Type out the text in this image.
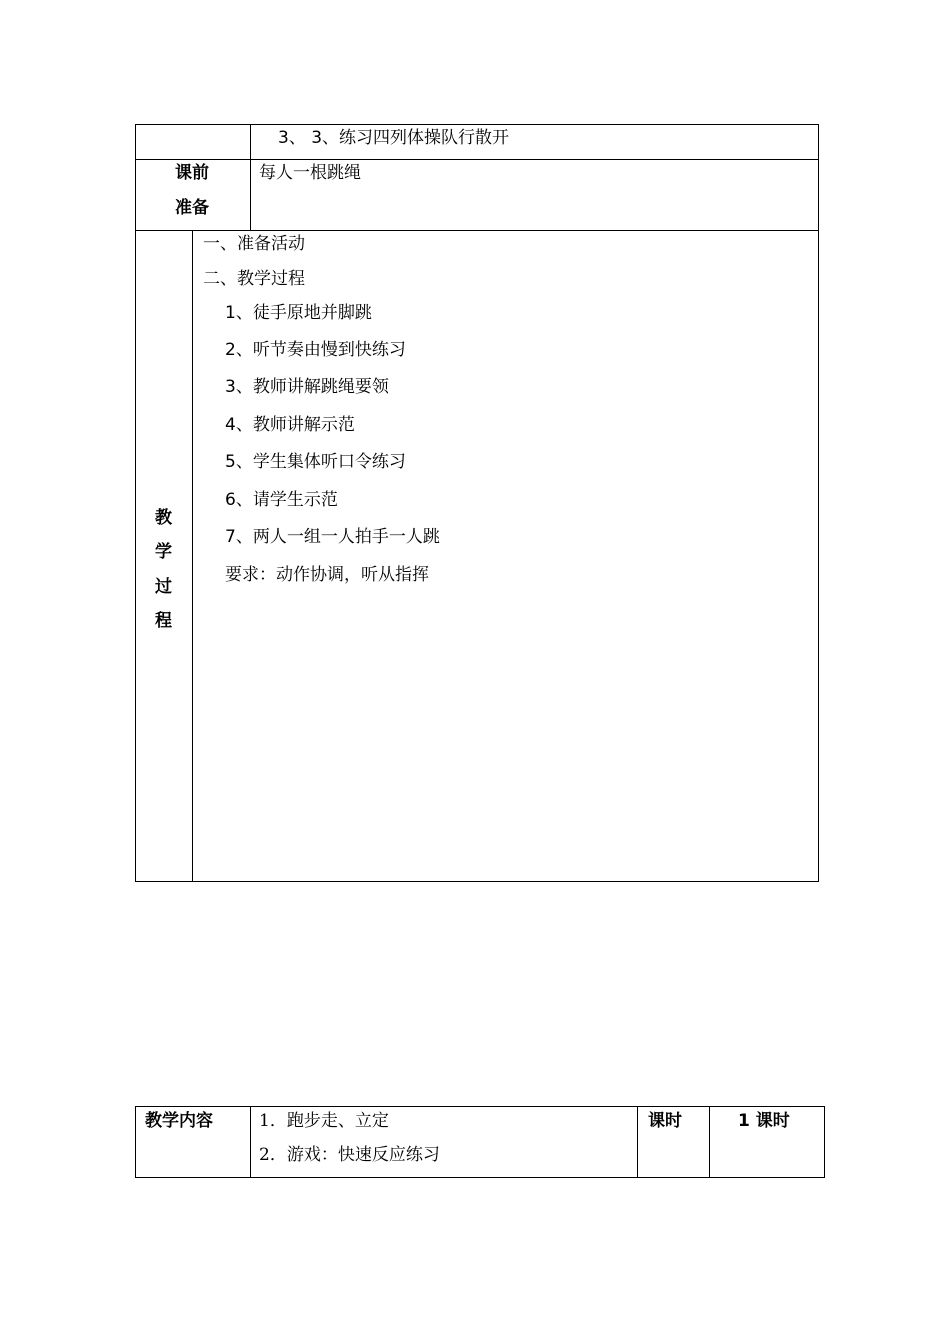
3、 3、练习四列体操队行散开
课前
准备
每人一根跳绳
教
学
过
程
一、准备活动
二、教学过程
1、徒手原地并脚跳
2、听节奏由慢到快练习
3、教师讲解跳绳要领
4、教师讲解示范
5、学生集体听口令练习
6、请学生示范
7、两人一组一人拍手一人跳
要求：动作协调，听从指挥
教学内容	1．跑步走、立定
2．游戏：快速反应练习
课时	1 课时
